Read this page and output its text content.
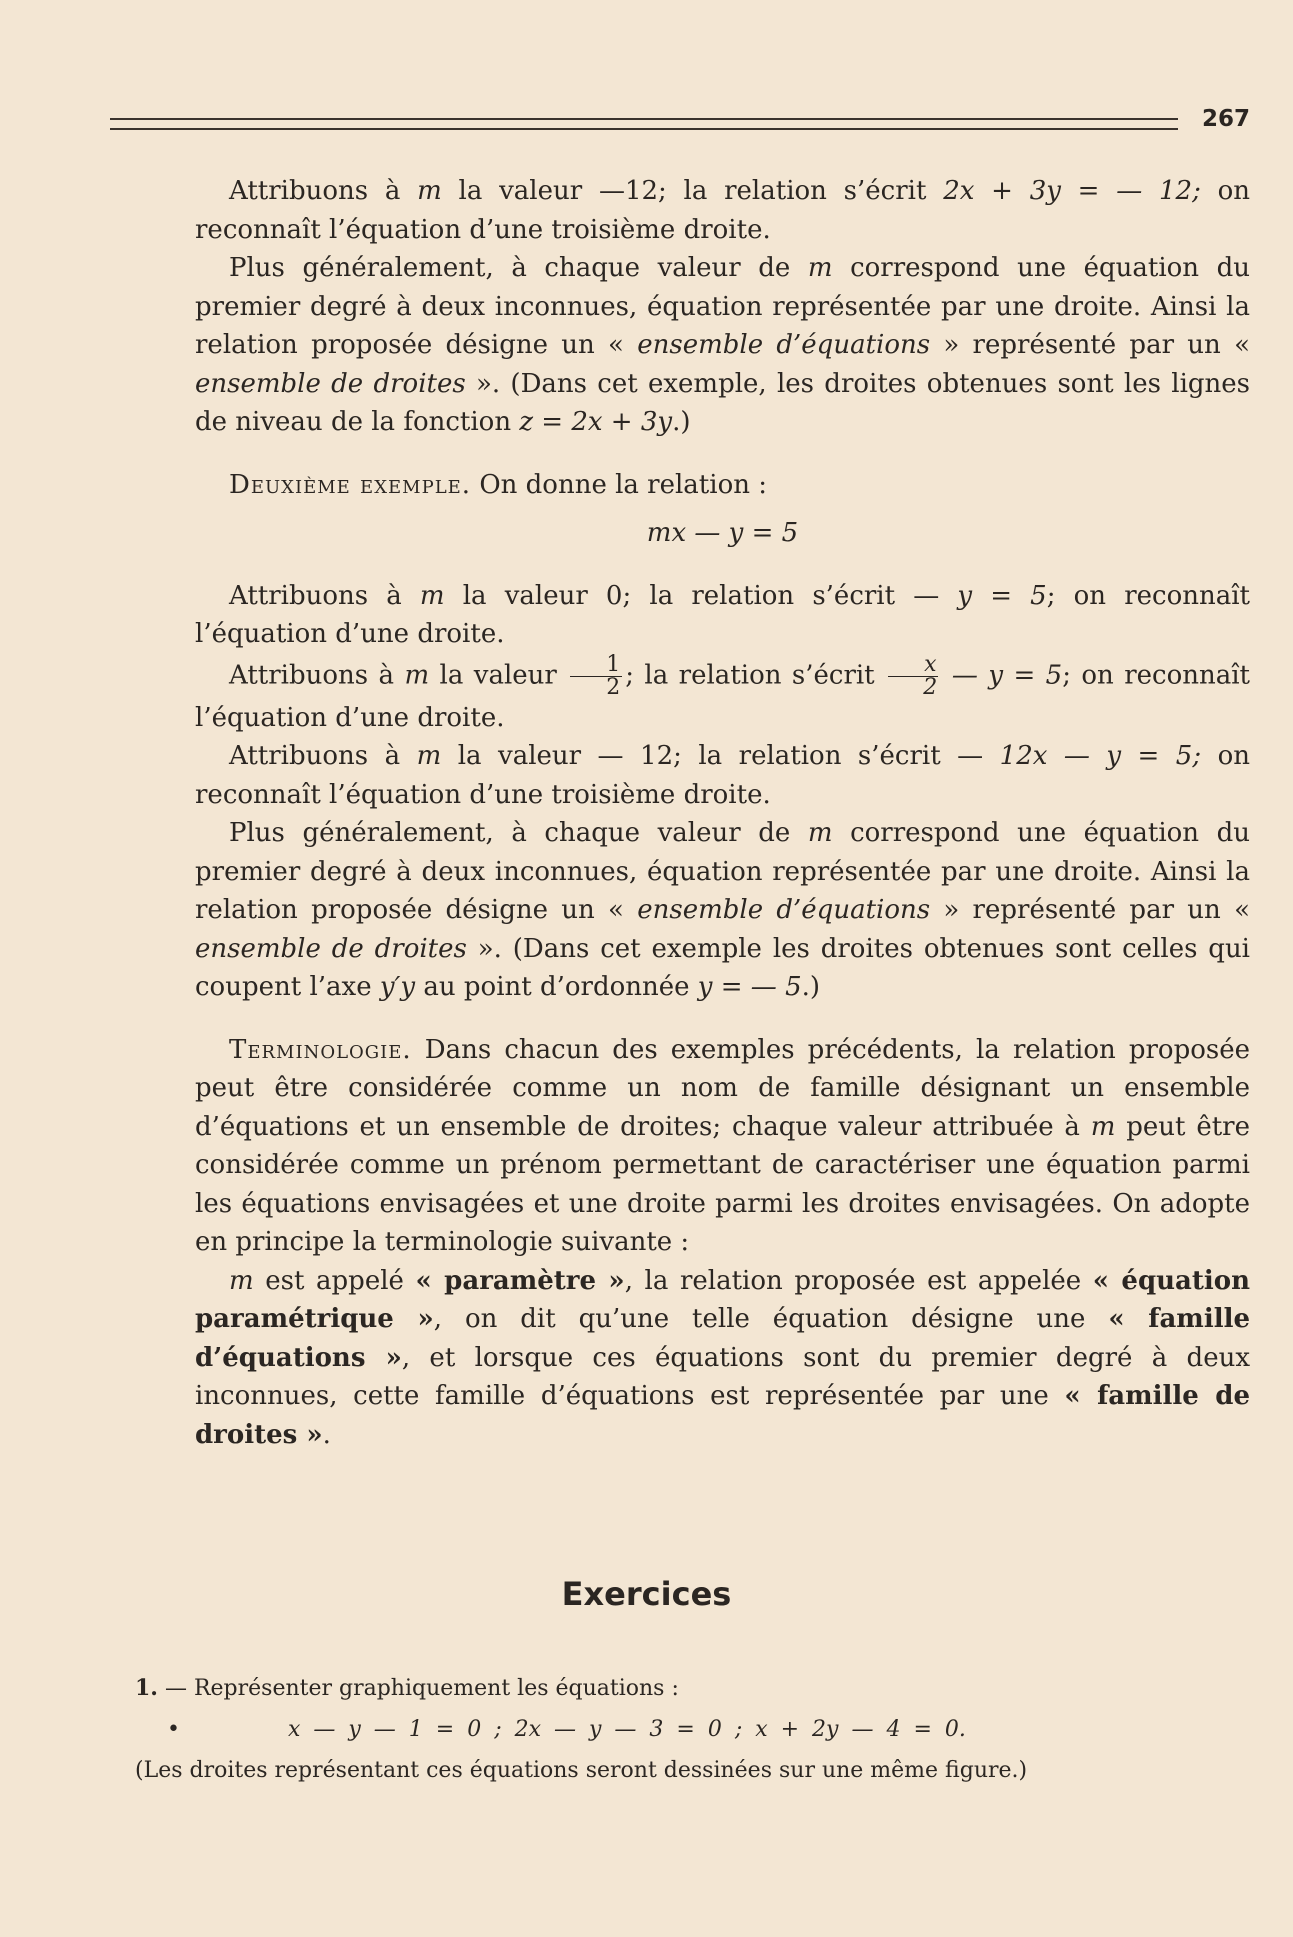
267

Attribuons à m la valeur —12; la relation s’écrit 2x + 3y = — 12; on reconnaît l’équation d’une troisième droite.

Plus généralement, à chaque valeur de m correspond une équation du premier degré à deux inconnues, équation représentée par une droite. Ainsi la relation proposée désigne un « ensemble d’équations » représenté par un « ensemble de droites ». (Dans cet exemple, les droites obtenues sont les lignes de niveau de la fonction z = 2x + 3y.)

Deuxième exemple. On donne la relation :

mx — y = 5

Attribuons à m la valeur 0; la relation s’écrit — y = 5; on reconnaît l’équation d’une droite.

Attribuons à m la valeur $\frac{1}{2}$ ; la relation s’écrit $\frac{x}{2}$ — y = 5; on reconnaît l’équation d’une droite.

Attribuons à m la valeur — 12; la relation s’écrit — 12x — y = 5; on reconnaît l’équation d’une troisième droite.

Plus généralement, à chaque valeur de m correspond une équation du premier degré à deux inconnues, équation représentée par une droite. Ainsi la relation proposée désigne un « ensemble d’équations » représenté par un « ensemble de droites ». (Dans cet exemple les droites obtenues sont celles qui coupent l’axe y′y au point d’ordonnée y = — 5.)

Terminologie. Dans chacun des exemples précédents, la relation proposée peut être considérée comme un nom de famille désignant un ensemble d’équations et un ensemble de droites; chaque valeur attribuée à m peut être considérée comme un prénom permettant de caractériser une équation parmi les équations envisagées et une droite parmi les droites envisagées. On adopte en principe la terminologie suivante :

m est appelé « paramètre », la relation proposée est appelée « équation paramétrique », on dit qu’une telle équation désigne une « famille d’équations », et lorsque ces équations sont du premier degré à deux inconnues, cette famille d’équations est représentée par une « famille de droites ».

Exercices

1. — Représenter graphiquement les équations :

•	x — y — 1 = 0 ; 2x — y — 3 = 0 ; x + 2y — 4 = 0.

(Les droites représentant ces équations seront dessinées sur une même figure.)
